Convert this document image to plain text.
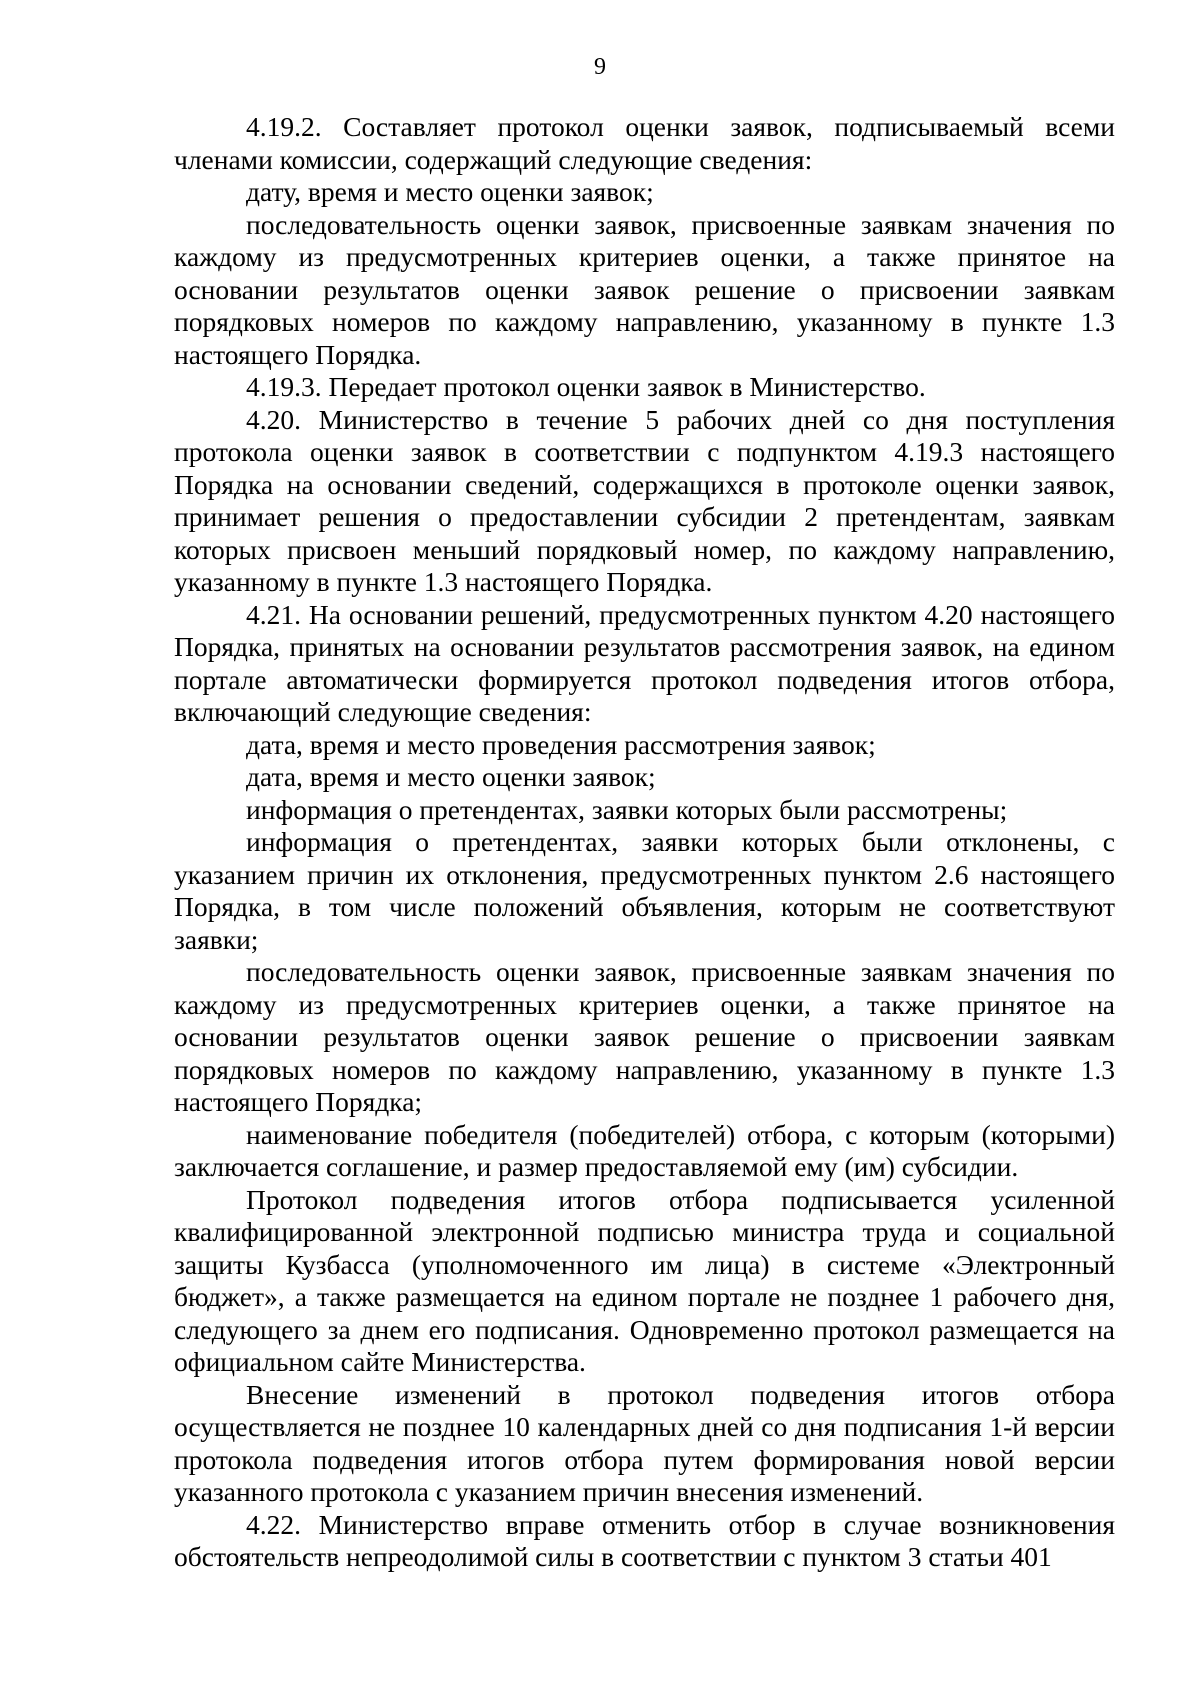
9

4.19.2. Составляет протокол оценки заявок, подписываемый всеми членами комиссии, содержащий следующие сведения:

дату, время и место оценки заявок;

последовательность оценки заявок, присвоенные заявкам значения по каждому из предусмотренных критериев оценки, а также принятое на основании результатов оценки заявок решение о присвоении заявкам порядковых номеров по каждому направлению, указанному в пункте 1.3 настоящего Порядка.

4.19.3. Передает протокол оценки заявок в Министерство.

4.20. Министерство в течение 5 рабочих дней со дня поступления протокола оценки заявок в соответствии с подпунктом 4.19.3 настоящего Порядка на основании сведений, содержащихся в протоколе оценки заявок, принимает решения о предоставлении субсидии 2 претендентам, заявкам которых присвоен меньший порядковый номер, по каждому направлению, указанному в пункте 1.3 настоящего Порядка.

4.21. На основании решений, предусмотренных пунктом 4.20 настоящего Порядка, принятых на основании результатов рассмотрения заявок, на едином портале автоматически формируется протокол подведения итогов отбора, включающий следующие сведения:

дата, время и место проведения рассмотрения заявок;

дата, время и место оценки заявок;

информация о претендентах, заявки которых были рассмотрены;

информация о претендентах, заявки которых были отклонены, с указанием причин их отклонения, предусмотренных пунктом 2.6 настоящего Порядка, в том числе положений объявления, которым не соответствуют заявки;

последовательность оценки заявок, присвоенные заявкам значения по каждому из предусмотренных критериев оценки, а также принятое на основании результатов оценки заявок решение о присвоении заявкам порядковых номеров по каждому направлению, указанному в пункте 1.3 настоящего Порядка;

наименование победителя (победителей) отбора, с которым (которыми) заключается соглашение, и размер предоставляемой ему (им) субсидии.

Протокол подведения итогов отбора подписывается усиленной квалифицированной электронной подписью министра труда и социальной защиты Кузбасса (уполномоченного им лица) в системе «Электронный бюджет», а также размещается на едином портале не позднее 1 рабочего дня, следующего за днем его подписания. Одновременно протокол размещается на официальном сайте Министерства.

Внесение изменений в протокол подведения итогов отбора осуществляется не позднее 10 календарных дней со дня подписания 1-й версии протокола подведения итогов отбора путем формирования новой версии указанного протокола с указанием причин внесения изменений.

4.22. Министерство вправе отменить отбор в случае возникновения обстоятельств непреодолимой силы в соответствии с пунктом 3 статьи 401
